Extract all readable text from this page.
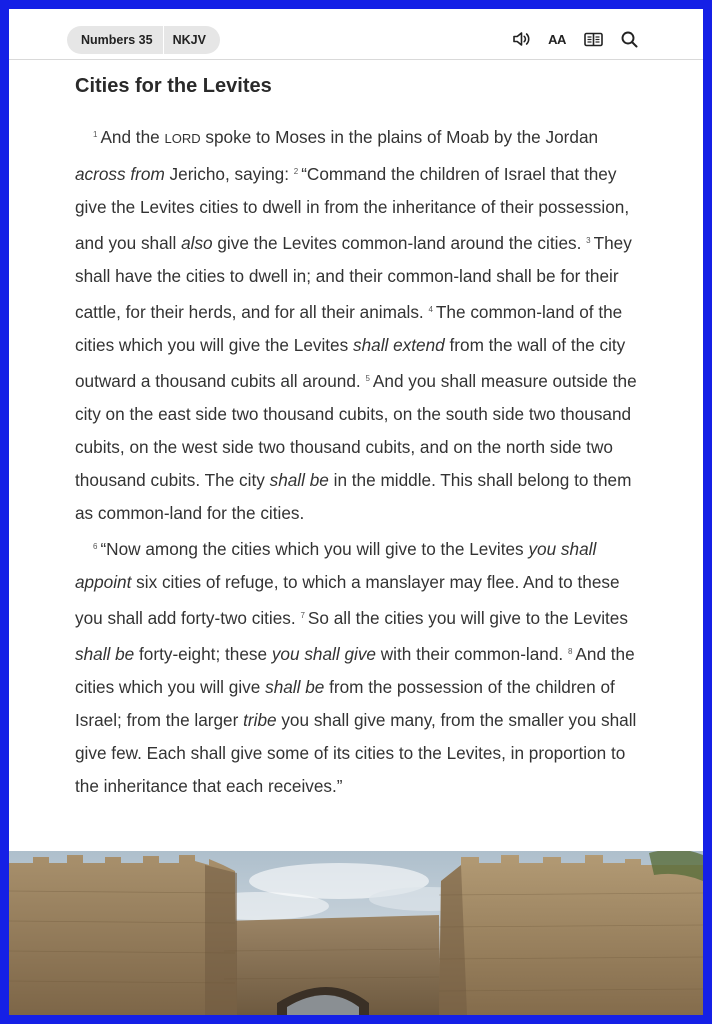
Numbers 35	NKJV	AA
Cities for the Levites

$^1$ And the LORD spoke to Moses in the plains of Moab by the Jordan across from Jericho, saying: $^2$ “Command the children of Israel that they give the Levites cities to dwell in from the inheritance of their possession, and you shall also give the Levites common-land around the cities. $^3$ They shall have the cities to dwell in; and their common-land shall be for their cattle, for their herds, and for all their animals. $^4$ The common-land of the cities which you will give the Levites shall extend from the wall of the city outward a thousand cubits all around. $^5$ And you shall measure outside the city on the east side two thousand cubits, on the south side two thousand cubits, on the west side two thousand cubits, and on the north side two thousand cubits. The city shall be in the middle. This shall belong to them as common-land for the cities.

$^6$ “Now among the cities which you will give to the Levites you shall appoint six cities of refuge, to which a manslayer may flee. And to these you shall add forty-two cities. $^7$ So all the cities you will give to the Levites shall be forty-eight; these you shall give with their common-land. $^8$ And the cities which you will give shall be from the possession of the children of Israel; from the larger tribe you shall give many, from the smaller you shall give few. Each shall give some of its cities to the Levites, in proportion to the inheritance that each receives.”
